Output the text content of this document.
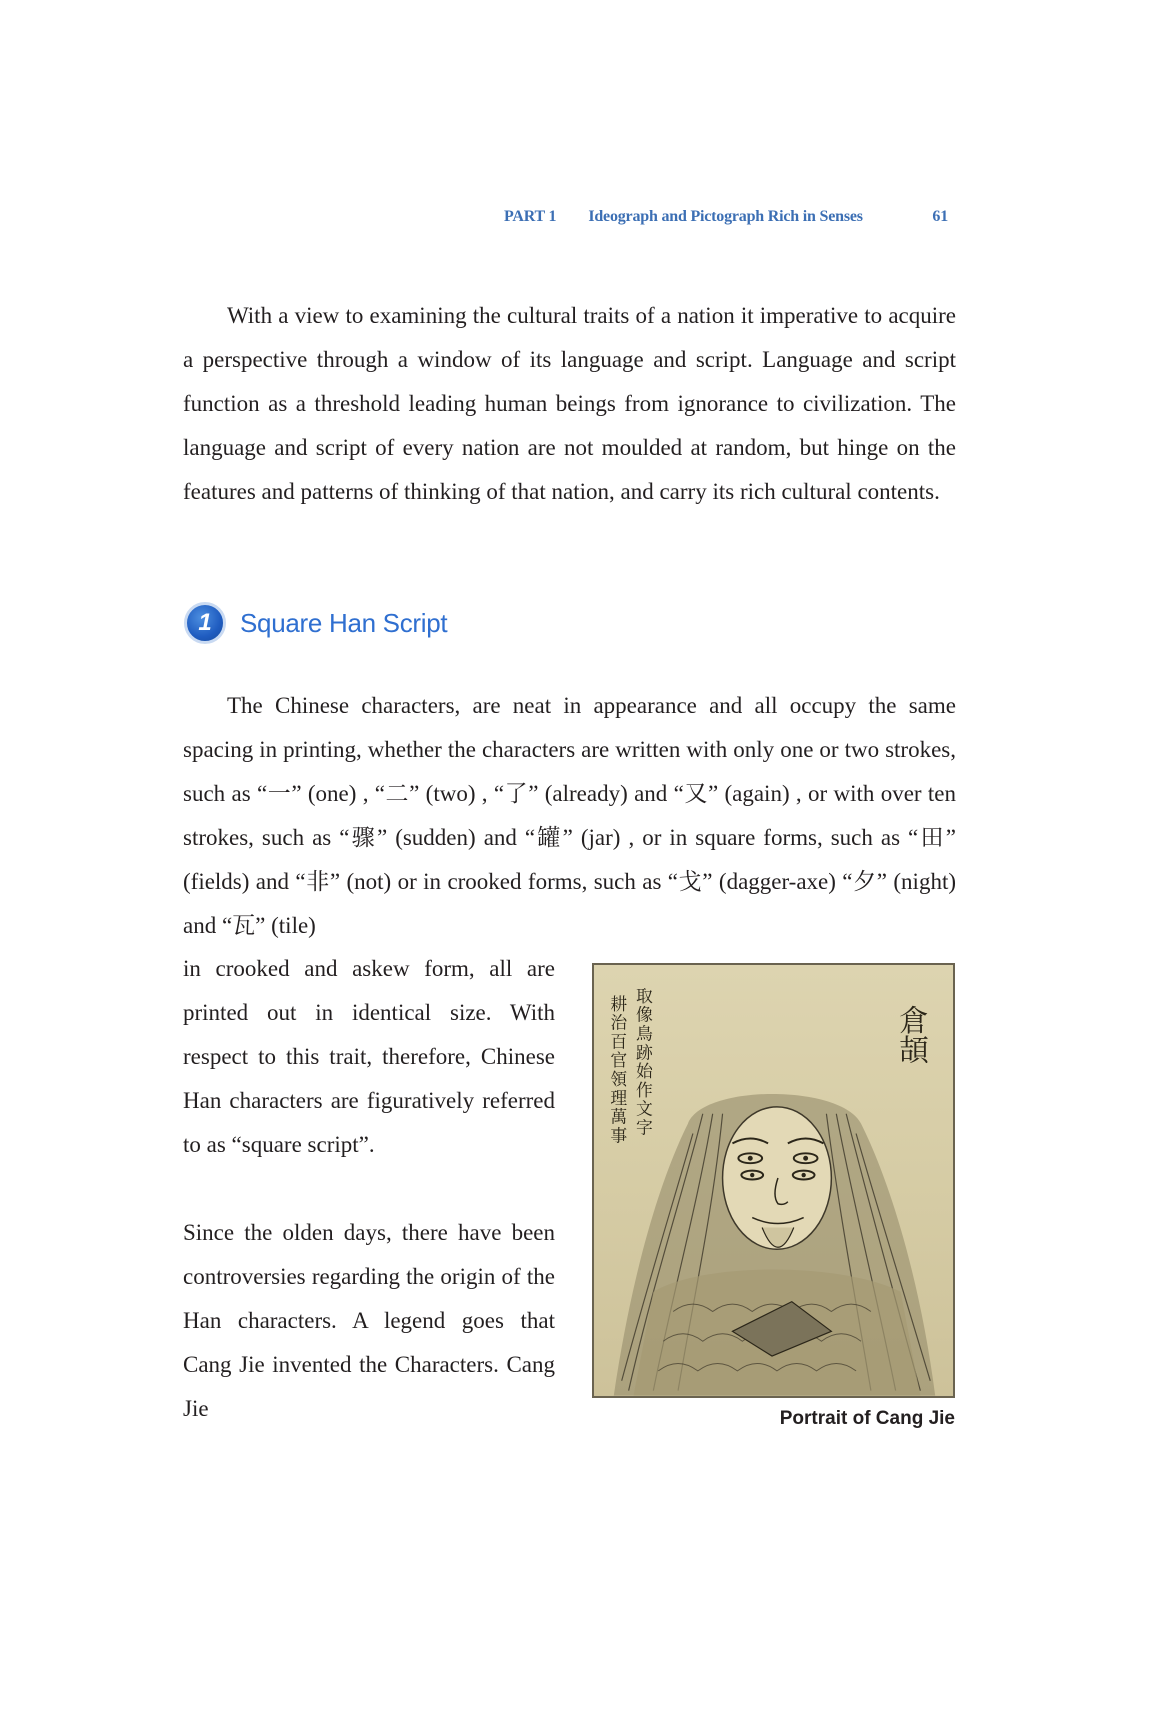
PART 1 Ideograph and Pictograph Rich in Senses	61

With a view to examining the cultural traits of a nation it imperative to acquire a perspective through a window of its language and script. Language and script function as a threshold leading human beings from ignorance to civilization. The language and script of every nation are not moulded at random, but hinge on the features and patterns of thinking of that nation, and carry its rich cultural contents.

1	Square Han Script

The Chinese characters, are neat in appearance and all occupy the same spacing in printing, whether the characters are written with only one or two strokes, such as “一” (one) , “二” (two) , “了” (already) and “又” (again) , or with over ten strokes, such as “骤” (sudden) and “罐” (jar) , or in square forms, such as “田” (fields) and “非” (not) or in crooked forms, such as “戈” (dagger-axe) “夕” (night) and “瓦” (tile)

in crooked and askew form, all are printed out in identical size. With respect to this trait, therefore, Chinese Han characters are figuratively referred to as “square script”.

Since the olden days, there have been controversies regarding the origin of the Han characters. A legend goes that Cang Jie invented the Characters. Cang Jie

倉頡
耕治百官領理萬事 取像鳥跡始作文字
Portrait of Cang Jie
